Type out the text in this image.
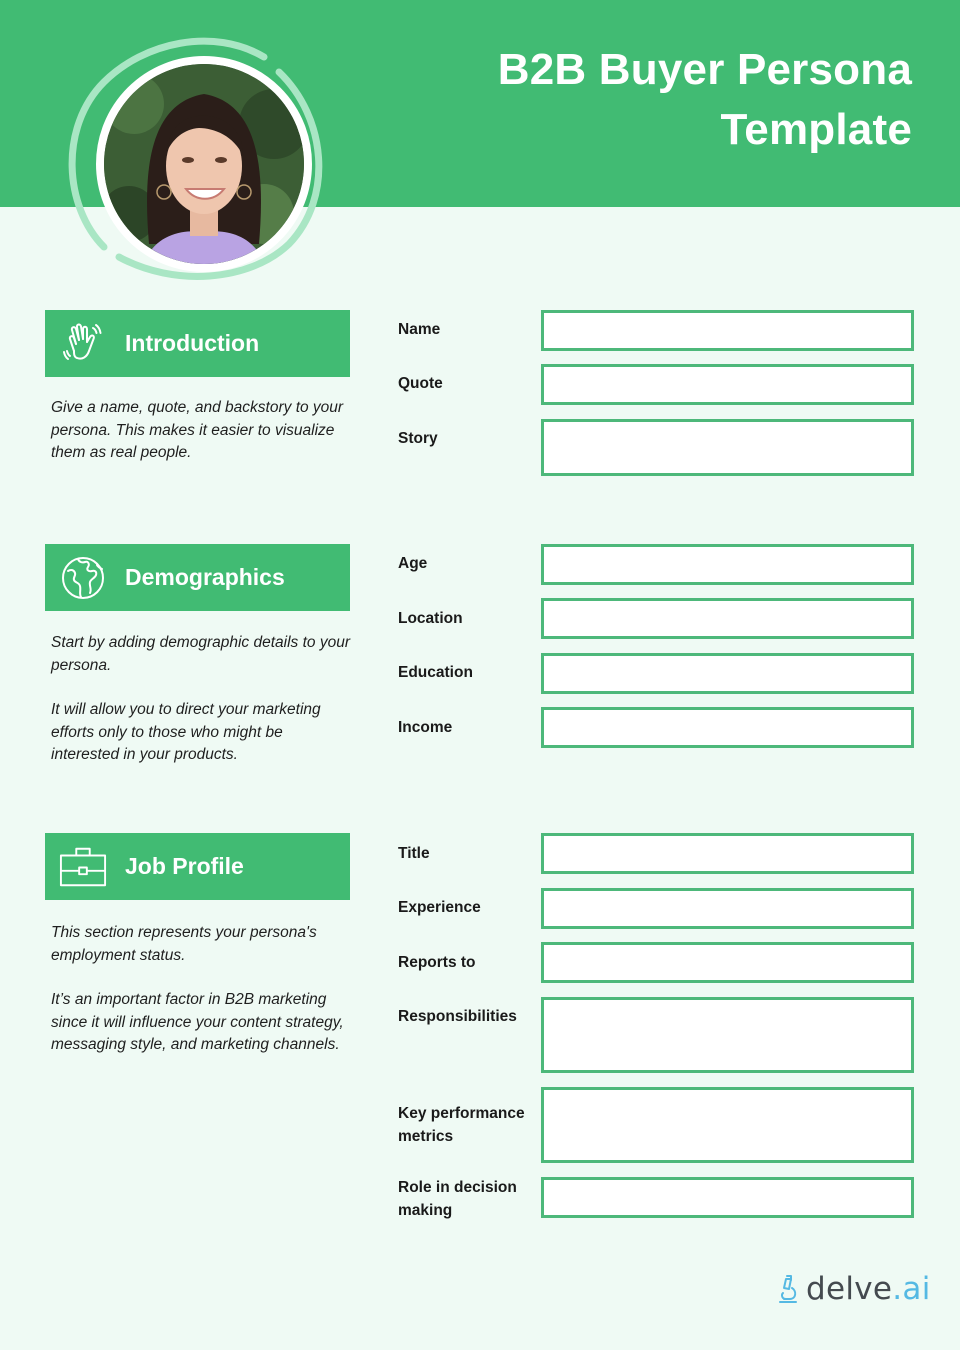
B2B Buyer Persona
Template
Introduction

Give a name, quote, and backstory to your persona. This makes it easier to visualize them as real people.

Name
Quote
Story
Demographics

Start by adding demographic details to your persona.

It will allow you to direct your marketing efforts only to those who might be interested in your products.

Age
Location
Education
Income
Job Profile

This section represents your persona's employment status.

It’s an important factor in B2B marketing since it will influence your content strategy, messaging style, and marketing channels.

Title
Experience
Reports to
Responsibilities
Key performance metrics
Role in decision making
delve .ai
